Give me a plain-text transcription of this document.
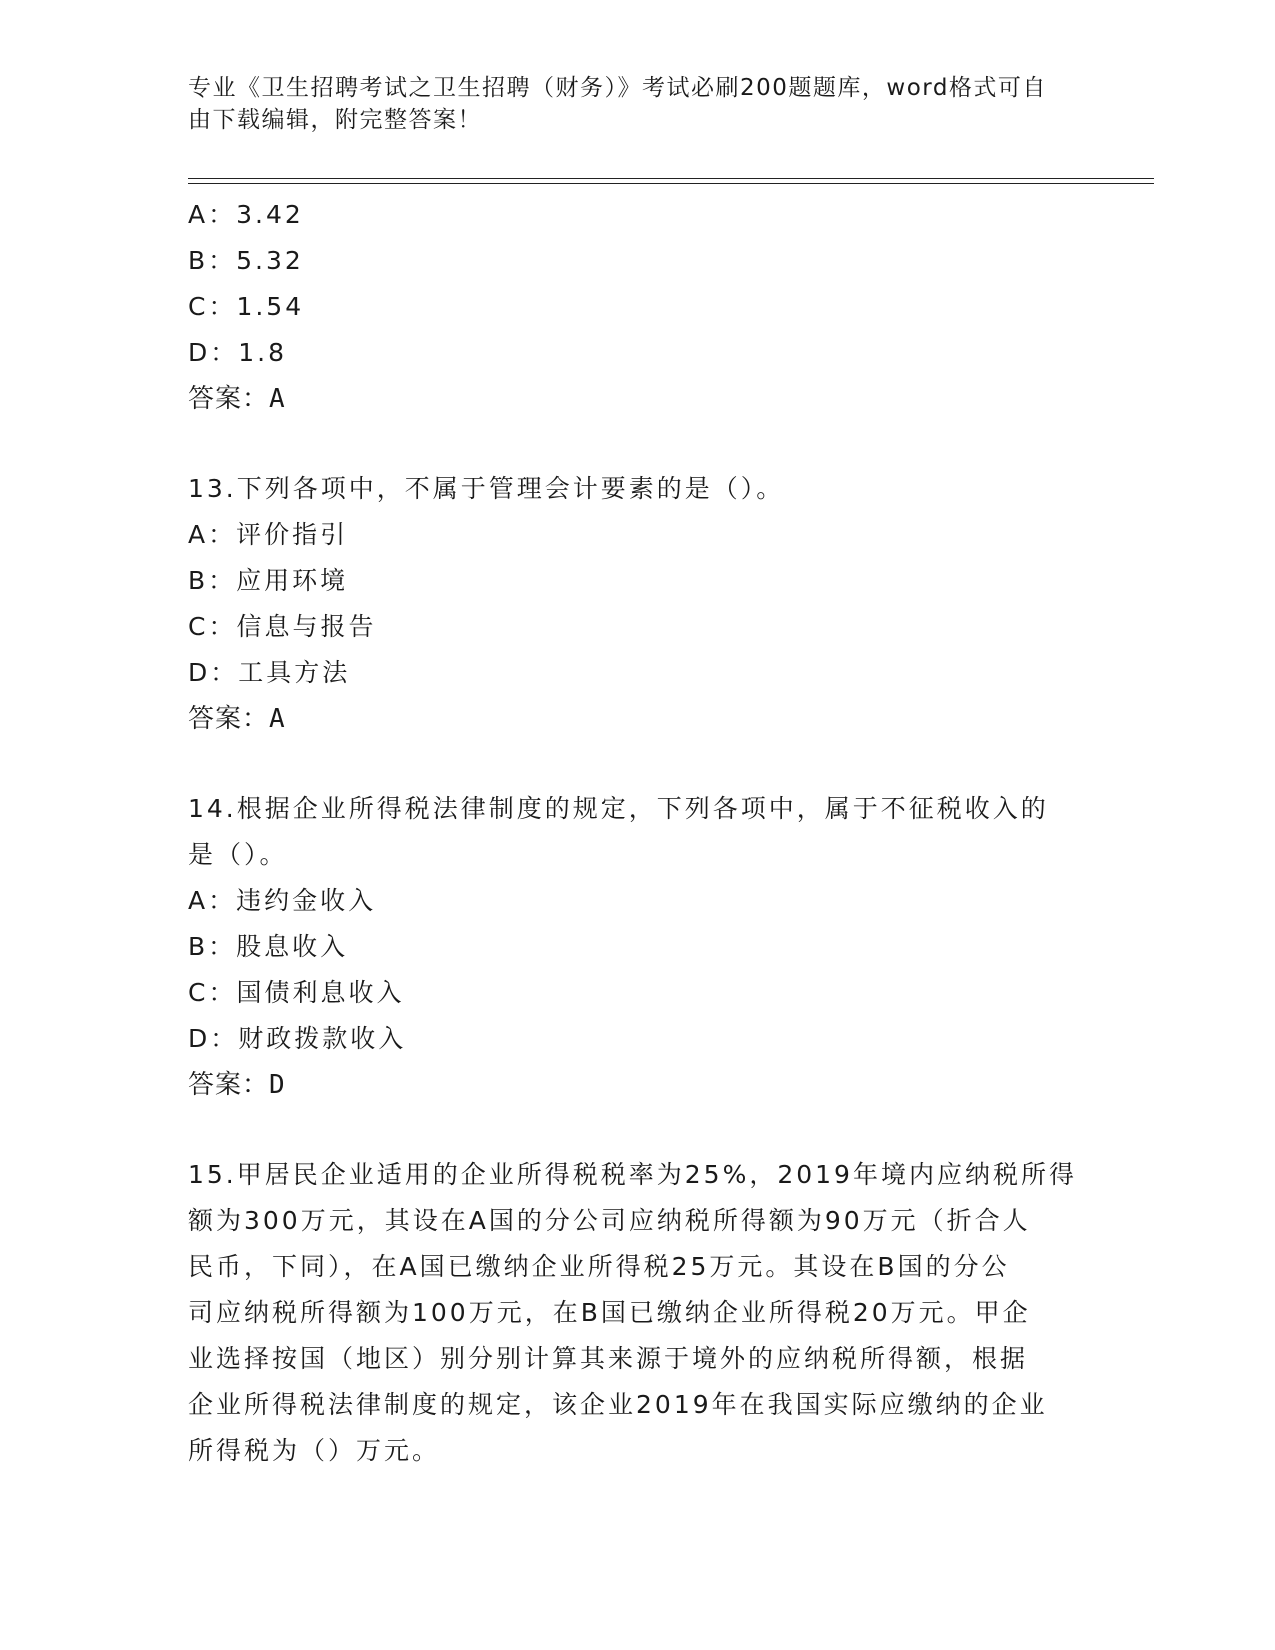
专业《卫生招聘考试之卫生招聘（财务）》考试必刷200题题库，word格式可自
由下载编辑，附完整答案！
A：3.42
B：5.32
C：1.54
D：1.8
答案：A
13.下列各项中，不属于管理会计要素的是（）。
A：评价指引
B：应用环境
C：信息与报告
D：工具方法
答案：A
14.根据企业所得税法律制度的规定，下列各项中，属于不征税收入的
是（）。
A：违约金收入
B：股息收入
C：国债利息收入
D：财政拨款收入
答案：D
15.甲居民企业适用的企业所得税税率为25%，2019年境内应纳税所得
额为300万元，其设在A国的分公司应纳税所得额为90万元（折合人
民币，下同），在A国已缴纳企业所得税25万元。其设在B国的分公
司应纳税所得额为100万元，在B国已缴纳企业所得税20万元。甲企
业选择按国（地区）别分别计算其来源于境外的应纳税所得额，根据
企业所得税法律制度的规定，该企业2019年在我国实际应缴纳的企业
所得税为（）万元。
